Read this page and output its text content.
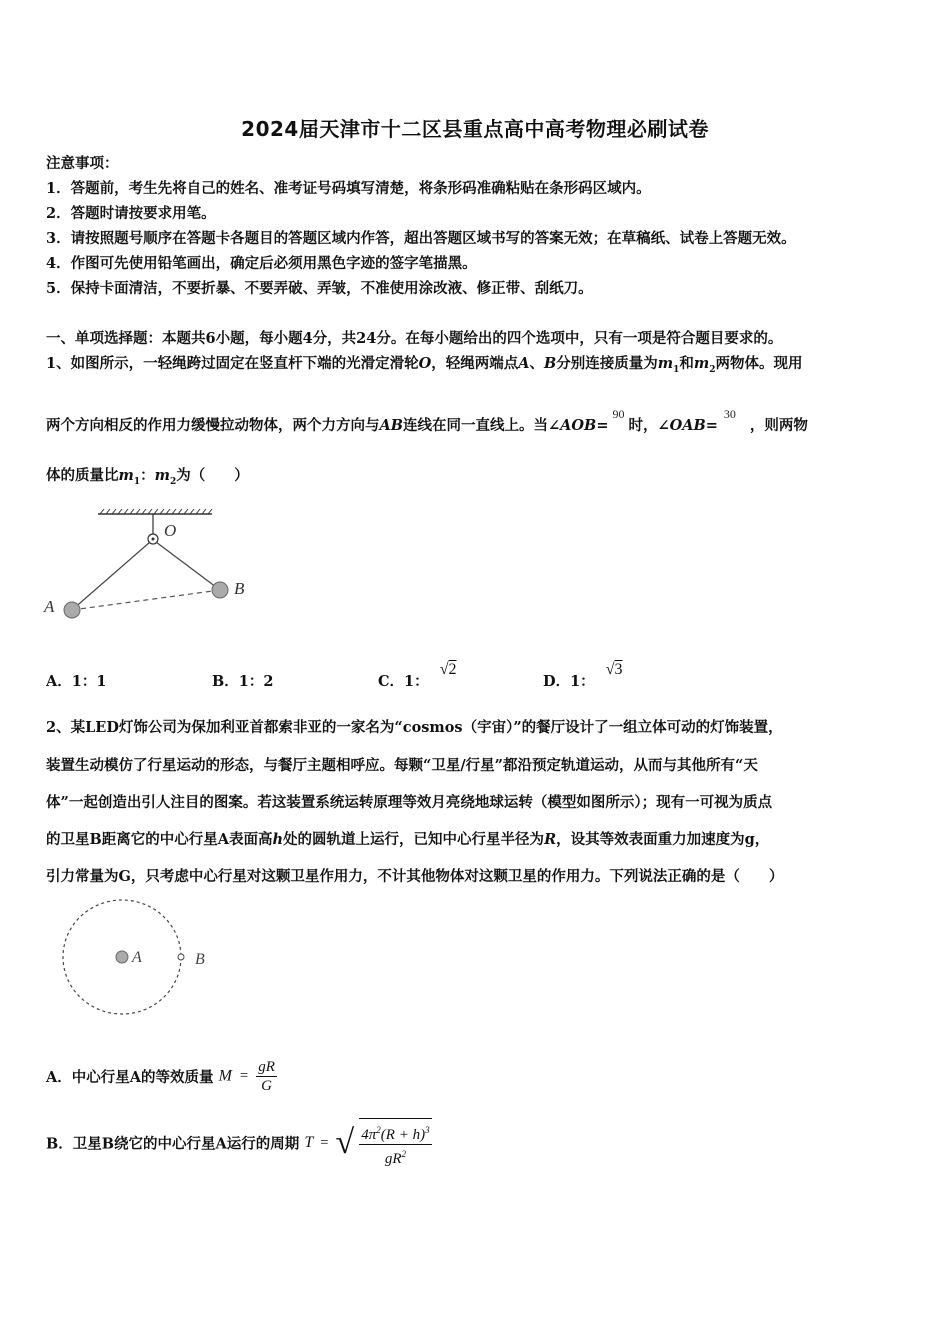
2024届天津市十二区县重点高中高考物理必刷试卷
注意事项：
1．答题前，考生先将自己的姓名、准考证号码填写清楚，将条形码准确粘贴在条形码区域内。
2．答题时请按要求用笔。
3．请按照题号顺序在答题卡各题目的答题区域内作答，超出答题区域书写的答案无效；在草稿纸、试卷上答题无效。
4．作图可先使用铅笔画出，确定后必须用黑色字迹的签字笔描黑。
5．保持卡面清洁，不要折暴、不要弄破、弄皱，不准使用涂改液、修正带、刮纸刀。
一、单项选择题：本题共6小题，每小题4分，共24分。在每小题给出的四个选项中，只有一项是符合题目要求的。
1、如图所示，一轻绳跨过固定在竖直杆下端的光滑定滑轮O，轻绳两端点A、B分别连接质量为$m_1$和$m_2$两物体。现用
两个方向相反的作用力缓慢拉动物体，两个力方向与AB连线在同一直线上。当∠AOB=$^{90}$时，∠OAB=$^{30}$，则两物
体的质量比$m_1$：$m_2$为（　　）
O
A
B
A．1：1	B．1：2	C．1： √2
D．1： √3
2、某LED灯饰公司为保加利亚首都索非亚的一家名为“cosmos（宇宙）”的餐厅设计了一组立体可动的灯饰装置，
装置生动模仿了行星运动的形态，与餐厅主题相呼应。每颗“卫星/行星”都沿预定轨道运动，从而与其他所有“天
体”一起创造出引人注目的图案。若这装置系统运转原理等效月亮绕地球运转（模型如图所示）；现有一可视为质点
的卫星B距离它的中心行星A表面高h处的圆轨道上运行，已知中心行星半径为R，设其等效表面重力加速度为g，
引力常量为G，只考虑中心行星对这颗卫星作用力，不计其他物体对这颗卫星的作用力。下列说法正确的是（　　）
A	B
A．中心行星A的等效质量 $M = \frac{gR}{G}$
B．卫星B绕它的中心行星A运行的周期 T = √ $\frac{4\pi^2(R + h)^3}{gR^2}$
